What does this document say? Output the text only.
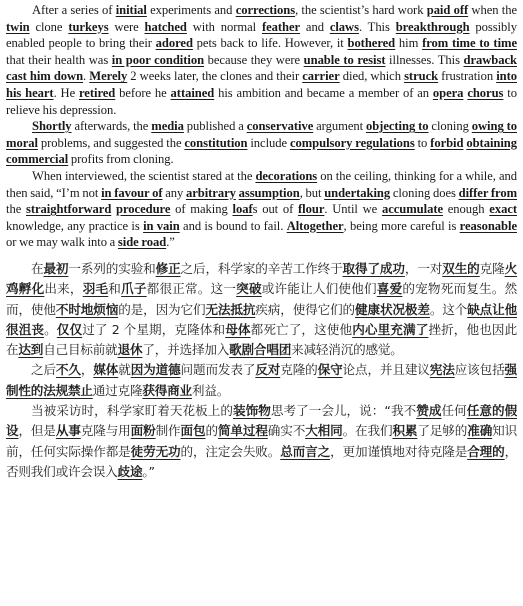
After a series of initial experiments and corrections, the scientist’s hard work paid off when the twin clone turkeys were hatched with normal feather and claws. This breakthrough possibly enabled people to bring their adored pets back to life. However, it bothered him from time to time that their health was in poor condition because they were unable to resist illnesses. This drawback cast him down. Merely 2 weeks later, the clones and their carrier died, which struck frustration into his heart. He retired before he attained his ambition and became a member of an opera chorus to relieve his depression.

Shortly afterwards, the media published a conservative argument objecting to cloning owing to moral problems, and suggested the constitution include compulsory regulations to forbid obtaining commercial profits from cloning.

When interviewed, the scientist stared at the decorations on the ceiling, thinking for a while, and then said, “I’m not in favour of any arbitrary assumption, but undertaking cloning does differ from the straightforward procedure of making loafs out of flour. Until we accumulate enough exact knowledge, any practice is in vain and is bound to fail. Altogether, being more careful is reasonable or we may walk into a side road.”

在最初一系列的实验和修正之后，科学家的辛苦工作终于取得了成功，一对双生的克隆火鸡孵化出来，羽毛和爪子都很正常。这一突破或许能让人们使他们喜爱的宠物死而复生。然而，使他不时地烦恼的是，因为它们无法抵抗疾病，使得它们的健康状况极差。这个缺点让他很沮丧。仅仅过了 2 个星期，克隆体和母体都死亡了，这使他内心里充满了挫折，他也因此在达到自己目标前就退休了，并选择加入歌剧合唱团来减轻消沉的感觉。

之后不久，媒体就因为道德问题而发表了反对克隆的保守论点，并且建议宪法应该包括强制性的法规禁止通过克隆获得商业利益。

当被采访时，科学家盯着天花板上的装饰物思考了一会儿，说：“我不赞成任何任意的假设，但是从事克隆与用面粉制作面包的简单过程确实不大相同。在我们积累了足够的准确知识前，任何实际操作都是徒劳无功的，注定会失败。总而言之，更加谨慎地对待克隆是合理的，否则我们或许会误入歧途。”
